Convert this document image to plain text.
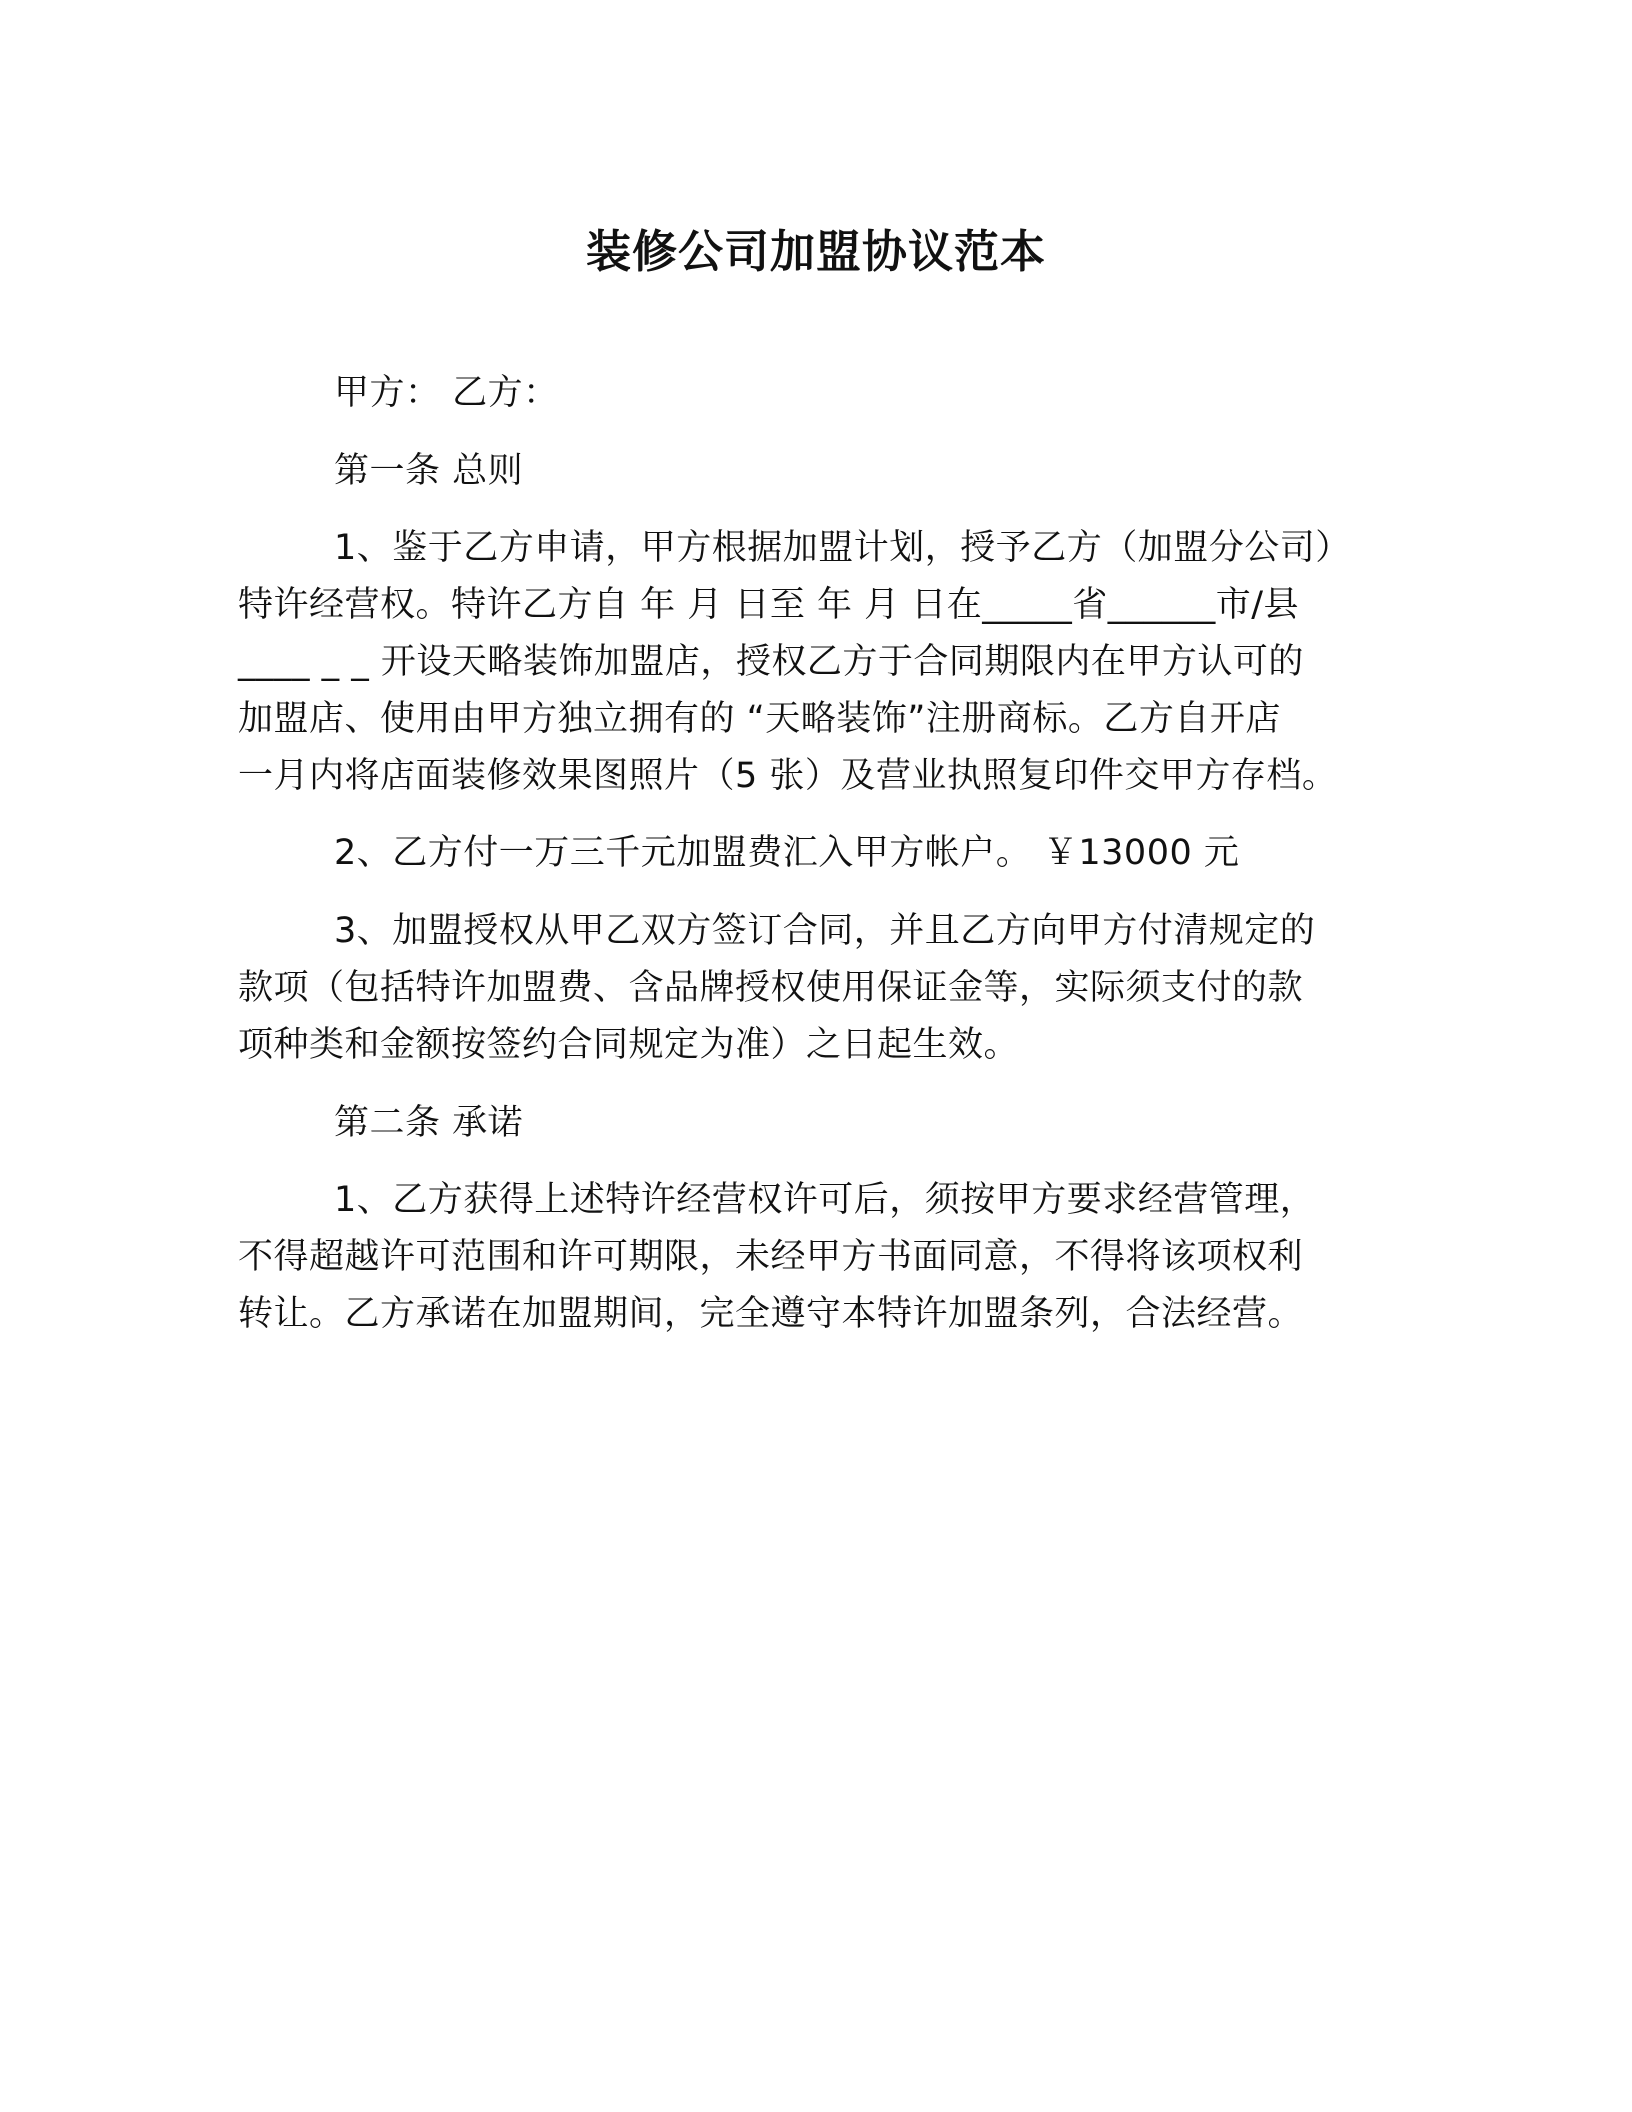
装修公司加盟协议范本
甲方： 乙方：
第一条 总则
1、鉴于乙方申请，甲方根据加盟计划，授予乙方（加盟分公司）
特许经营权。特许乙方自 年 月 日至 年 月 日在_____省______市/县
____ _ _ 开设天略装饰加盟店，授权乙方于合同期限内在甲方认可的
加盟店、使用由甲方独立拥有的 “天略装饰”注册商标。乙方自开店
一月内将店面装修效果图照片（5 张）及营业执照复印件交甲方存档。
2、乙方付一万三千元加盟费汇入甲方帐户。 ￥13000 元
3、加盟授权从甲乙双方签订合同，并且乙方向甲方付清规定的
款项（包括特许加盟费、含品牌授权使用保证金等，实际须支付的款
项种类和金额按签约合同规定为准）之日起生效。
第二条 承诺
1、乙方获得上述特许经营权许可后，须按甲方要求经营管理，
不得超越许可范围和许可期限，未经甲方书面同意，不得将该项权利
转让。乙方承诺在加盟期间，完全遵守本特许加盟条列，合法经营。
